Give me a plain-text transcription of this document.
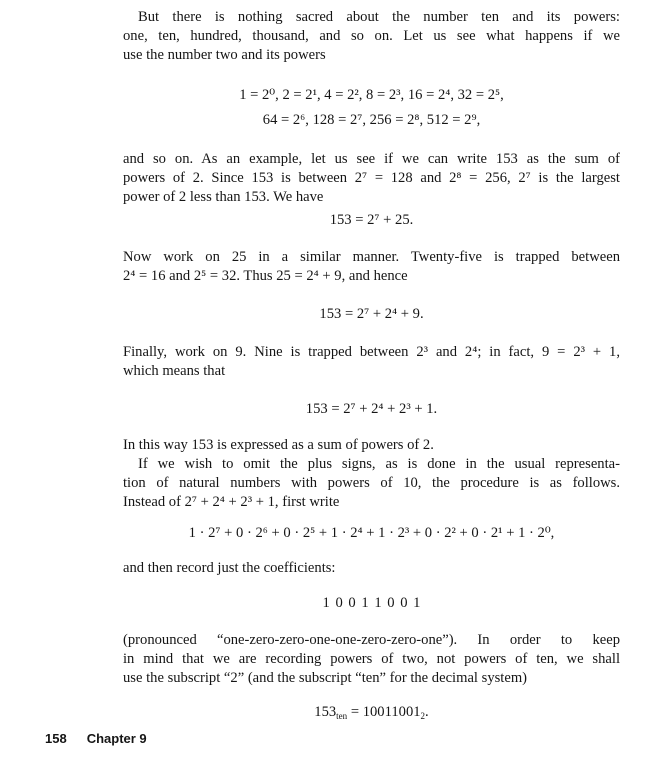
But there is nothing sacred about the number ten and its powers:
one, ten, hundred, thousand, and so on. Let us see what happens if we
use the number two and its powers
1 = 2⁰, 2 = 2¹, 4 = 2², 8 = 2³, 16 = 2⁴, 32 = 2⁵,
64 = 2⁶, 128 = 2⁷, 256 = 2⁸, 512 = 2⁹,
and so on. As an example, let us see if we can write 153 as the sum of
powers of 2. Since 153 is between 2⁷ = 128 and 2⁸ = 256, 2⁷ is the largest
power of 2 less than 153. We have
153 = 2⁷ + 25.
Now work on 25 in a similar manner. Twenty-five is trapped between
2⁴ = 16 and 2⁵ = 32. Thus 25 = 2⁴ + 9, and hence
153 = 2⁷ + 2⁴ + 9.
Finally, work on 9. Nine is trapped between 2³ and 2⁴; in fact, 9 = 2³ + 1,
which means that
153 = 2⁷ + 2⁴ + 2³ + 1.
In this way 153 is expressed as a sum of powers of 2.
If we wish to omit the plus signs, as is done in the usual representa-
tion of natural numbers with powers of 10, the procedure is as follows.
Instead of 2⁷ + 2⁴ + 2³ + 1, first write
1 · 2⁷ + 0 · 2⁶ + 0 · 2⁵ + 1 · 2⁴ + 1 · 2³ + 0 · 2² + 0 · 2¹ + 1 · 2⁰,
and then record just the coefficients:
1 0 0 1 1 0 0 1
(pronounced “one-zero-zero-one-one-zero-zero-one”). In order to keep
in mind that we are recording powers of two, not powers of ten, we shall
use the subscript “2” (and the subscript “ten” for the decimal system)
$153_{ten} = 10011001_2$.
158 Chapter 9
